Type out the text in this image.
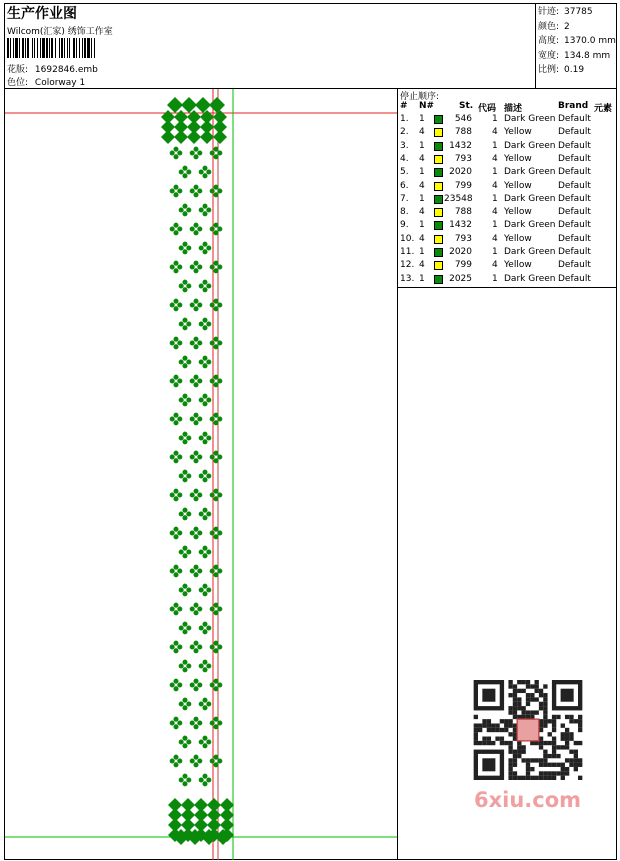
生产作业图
Wilcom(汇家) 绣饰工作室
花版: 1692846.emb
色位: Colorway 1
针迹: 37785
颜色: 2
高度: 1370.0 mm
宽度: 134.8 mm
比例: 0.19
停止顺序:
# N#	St. 代码 描述	Brand 元素
1. 1	546 1 Dark Green Default
2. 4	788 4 Yellow	Default
3. 1	1432 1 Dark Green Default
4. 4	793 4 Yellow	Default
5. 1	2020 1 Dark Green Default
6. 4	799 4 Yellow	Default
7. 1 23548 1 Dark Green Default
8. 4	788 4 Yellow	Default
9. 1	1432 1 Dark Green Default
10. 4	793 4 Yellow	Default
11. 1	2020 1 Dark Green Default
12. 4	799 4 Yellow	Default
13. 1	2025 1 Dark Green Default
6xiu.com
